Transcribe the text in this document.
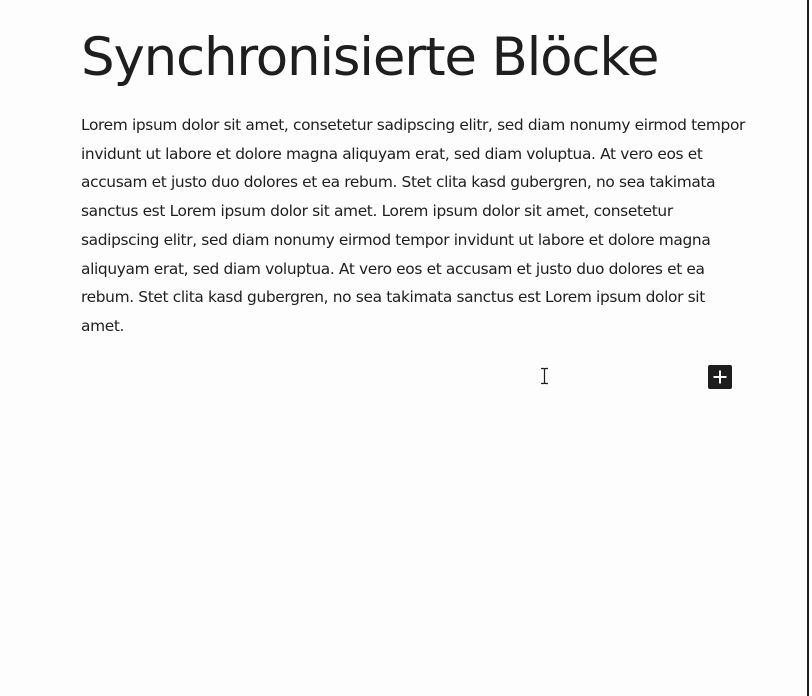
Synchronisierte Blöcke

Lorem ipsum dolor sit amet, consetetur sadipscing elitr, sed diam nonumy eirmod tempor invidunt ut labore et dolore magna aliquyam erat, sed diam voluptua. At vero eos et accusam et justo duo dolores et ea rebum. Stet clita kasd gubergren, no sea takimata sanctus est Lorem ipsum dolor sit amet. Lorem ipsum dolor sit amet, consetetur sadipscing elitr, sed diam nonumy eirmod tempor invidunt ut labore et dolore magna aliquyam erat, sed diam voluptua. At vero eos et accusam et justo duo dolores et ea rebum. Stet clita kasd gubergren, no sea takimata sanctus est Lorem ipsum dolor sit amet.
